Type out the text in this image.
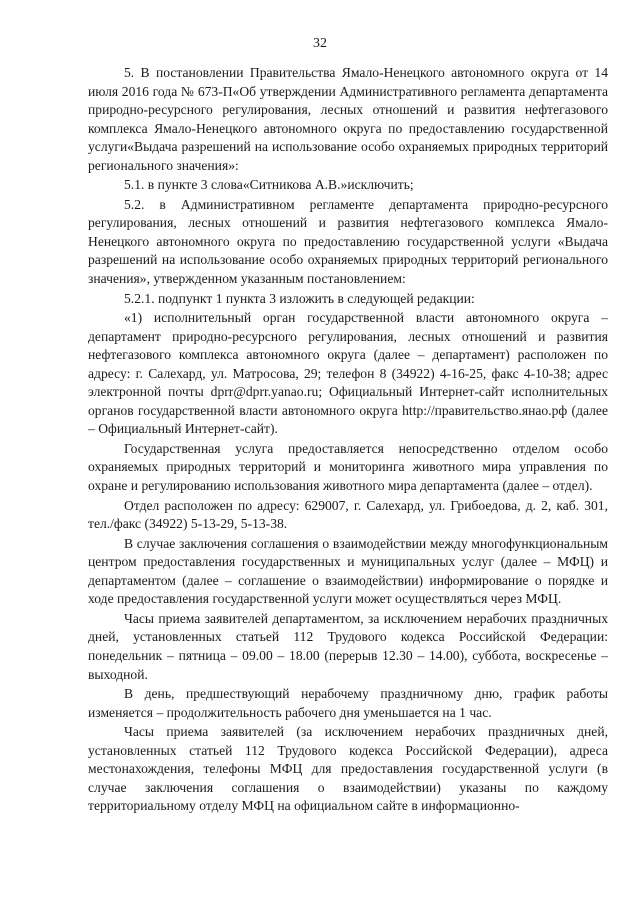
32

5. В постановлении Правительства Ямало-Ненецкого автономного округа от 14 июля 2016 года № 673-П«Об утверждении Административного регламента департамента природно-ресурсного регулирования, лесных отношений и развития нефтегазового комплекса Ямало-Ненецкого автономного округа по предоставлению государственной услуги«Выдача разрешений на использование особо охраняемых природных территорий регионального значения»:

5.1. в пункте 3 слова«Ситникова А.В.»исключить;

5.2. в Административном регламенте департамента природно-ресурсного регулирования, лесных отношений и развития нефтегазового комплекса Ямало-Ненецкого автономного округа по предоставлению государственной услуги «Выдача разрешений на использование особо охраняемых природных территорий регионального значения», утвержденном указанным постановлением:

5.2.1. подпункт 1 пункта 3 изложить в следующей редакции:

«1) исполнительный орган государственной власти автономного округа – департамент природно-ресурсного регулирования, лесных отношений и развития нефтегазового комплекса автономного округа (далее – департамент) расположен по адресу: г. Салехард, ул. Матросова, 29; телефон 8 (34922) 4-16-25, факс 4-10-38; адрес электронной почты dprr@dprr.yanao.ru; Официальный Интернет-сайт исполнительных органов государственной власти автономного округа http://правительство.янао.рф (далее – Официальный Интернет-сайт).

Государственная услуга предоставляется непосредственно отделом особо охраняемых природных территорий и мониторинга животного мира управления по охране и регулированию использования животного мира департамента (далее – отдел).

Отдел расположен по адресу: 629007, г. Салехард, ул. Грибоедова, д. 2, каб. 301, тел./факс (34922) 5-13-29, 5-13-38.

В случае заключения соглашения о взаимодействии между многофункциональным центром предоставления государственных и муниципальных услуг (далее – МФЦ) и департаментом (далее – соглашение о взаимодействии) информирование о порядке и ходе предоставления государственной услуги может осуществляться через МФЦ.

Часы приема заявителей департаментом, за исключением нерабочих праздничных дней, установленных статьей 112 Трудового кодекса Российской Федерации: понедельник – пятница – 09.00 – 18.00 (перерыв 12.30 – 14.00), суббота, воскресенье – выходной.

В день, предшествующий нерабочему праздничному дню, график работы изменяется – продолжительность рабочего дня уменьшается на 1 час.

Часы приема заявителей (за исключением нерабочих праздничных дней, установленных статьей 112 Трудового кодекса Российской Федерации), адреса местонахождения, телефоны МФЦ для предоставления государственной услуги (в случае заключения соглашения о взаимодействии) указаны по каждому территориальному отделу МФЦ на официальном сайте в информационно-
